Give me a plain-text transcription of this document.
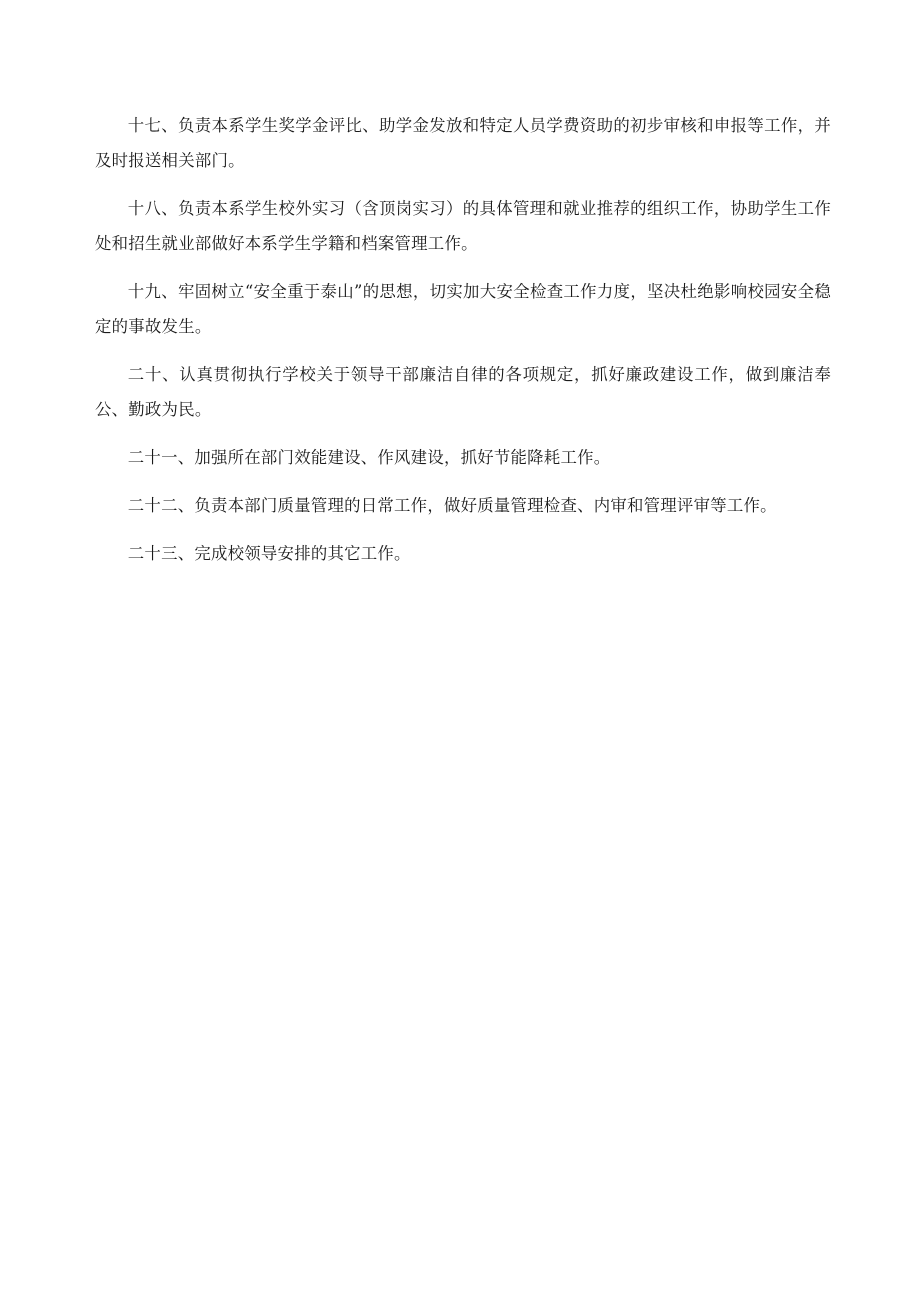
十七、负责本系学生奖学金评比、助学金发放和特定人员学费资助的初步审核和申报等工作，并及时报送相关部门。

十八、负责本系学生校外实习（含顶岗实习）的具体管理和就业推荐的组织工作，协助学生工作处和招生就业部做好本系学生学籍和档案管理工作。

十九、牢固树立“安全重于泰山”的思想，切实加大安全检查工作力度，坚决杜绝影响校园安全稳定的事故发生。

二十、认真贯彻执行学校关于领导干部廉洁自律的各项规定，抓好廉政建设工作，做到廉洁奉公、勤政为民。

二十一、加强所在部门效能建设、作风建设，抓好节能降耗工作。

二十二、负责本部门质量管理的日常工作，做好质量管理检查、内审和管理评审等工作。

二十三、完成校领导安排的其它工作。
